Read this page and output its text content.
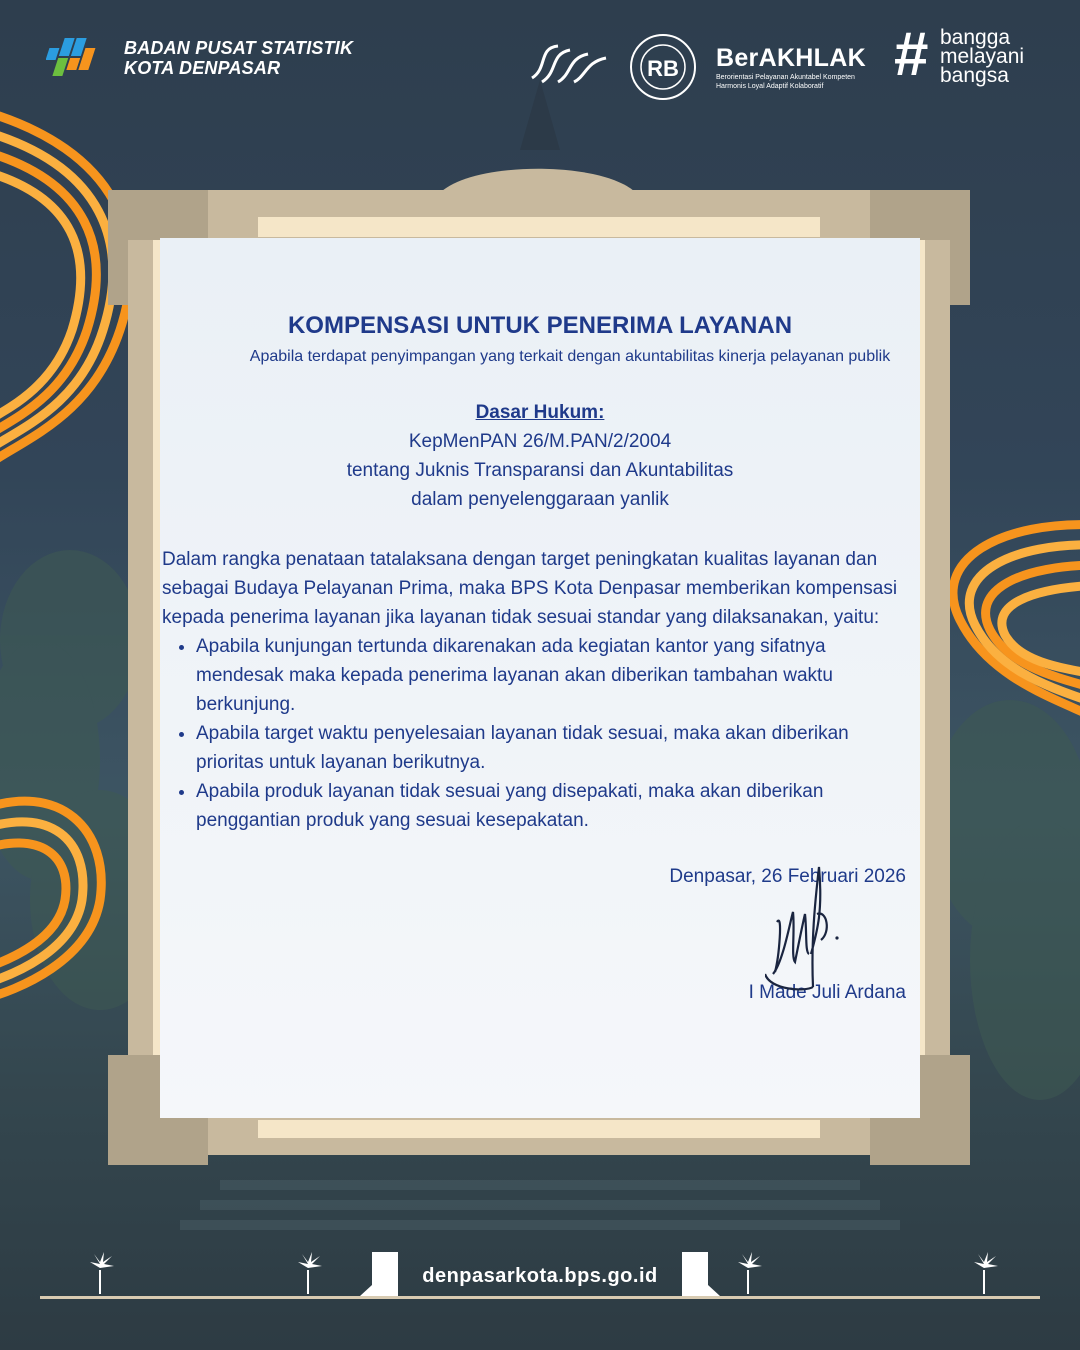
BADAN PUSAT STATISTIK
KOTA DENPASAR	RB BerAKHLAK
Berorientasi Pelayanan Akuntabel Kompeten Harmonis Loyal Adaptif Kolaboratif	# bangga
melayani
bangsa
KOMPENSASI UNTUK PENERIMA LAYANAN
Apabila terdapat penyimpangan yang terkait dengan akuntabilitas kinerja pelayanan publik
Dasar Hukum:
KepMenPAN 26/M.PAN/2/2004
tentang Juknis Transparansi dan Akuntabilitas
dalam penyelenggaraan yanlik
Dalam rangka penataan tatalaksana dengan target peningkatan kualitas layanan dan sebagai Budaya Pelayanan Prima, maka BPS Kota Denpasar memberikan kompensasi kepada penerima layanan jika layanan tidak sesuai standar yang dilaksanakan, yaitu:
• Apabila kunjungan tertunda dikarenakan ada kegiatan kantor yang sifatnya mendesak maka kepada penerima layanan akan diberikan tambahan waktu berkunjung.
• Apabila target waktu penyelesaian layanan tidak sesuai, maka akan diberikan prioritas untuk layanan berikutnya.
• Apabila produk layanan tidak sesuai yang disepakati, maka akan diberikan penggantian produk yang sesuai kesepakatan.
Denpasar, 26 Februari 2026
I Made Juli Ardana
denpasarkota.bps.go.id
